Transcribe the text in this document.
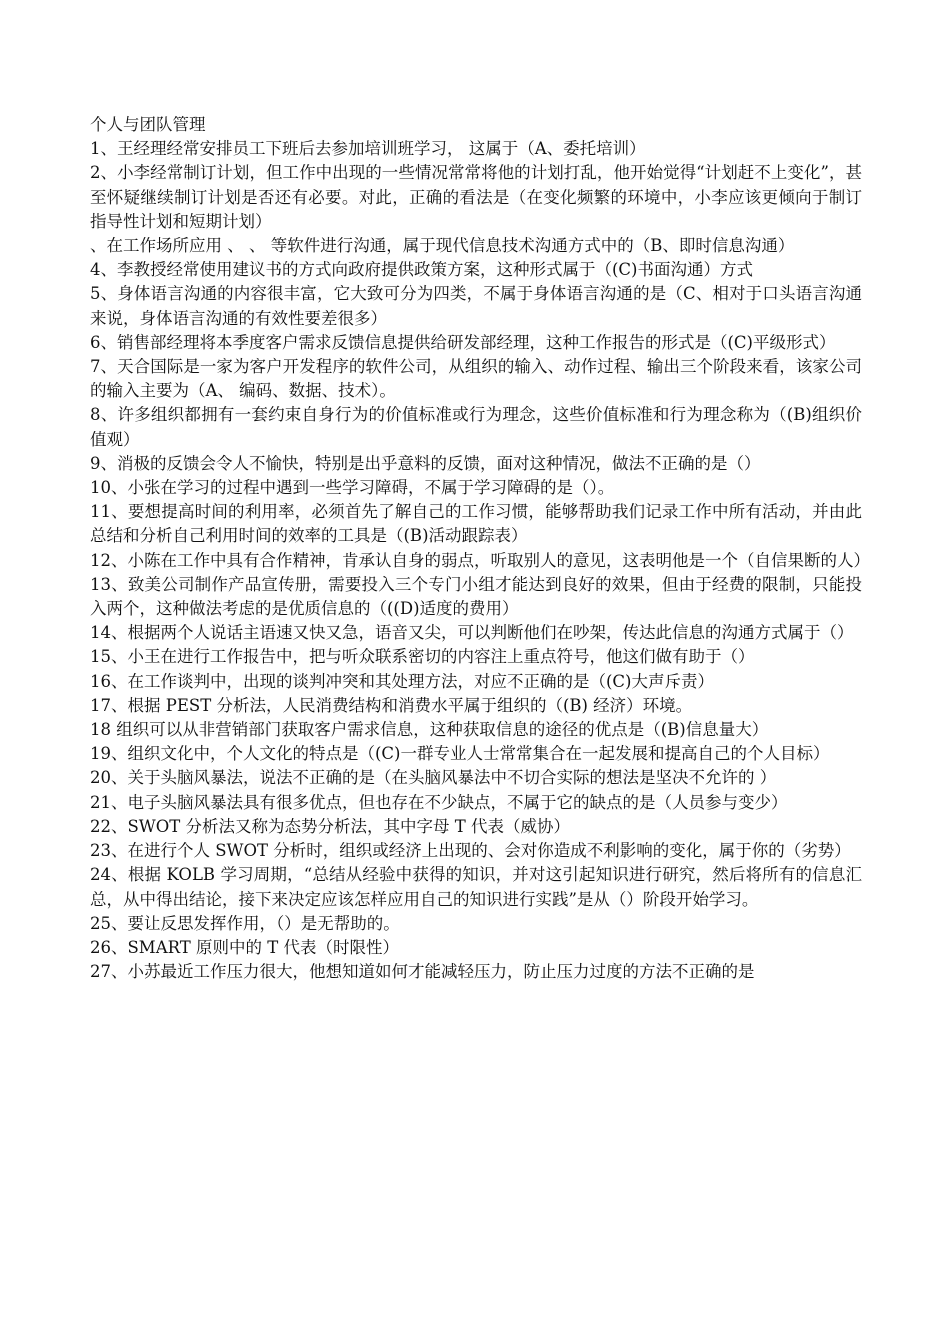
个人与团队管理

1、王经理经常安排员工下班后去参加培训班学习， 这属于（A、委托培训）

2、小李经常制订计划，但工作中出现的一些情况常常将他的计划打乱，他开始觉得“计划赶不上变化”，甚至怀疑继续制订计划是否还有必要。对此，正确的看法是（在变化频繁的环境中，小李应该更倾向于制订指导性计划和短期计划）

、在工作场所应用 、 、 等软件进行沟通，属于现代信息技术沟通方式中的（B、即时信息沟通）

4、李教授经常使用建议书的方式向政府提供政策方案，这种形式属于（(C)书面沟通）方式

5、身体语言沟通的内容很丰富，它大致可分为四类，不属于身体语言沟通的是（C、相对于口头语言沟通来说，身体语言沟通的有效性要差很多）

6、销售部经理将本季度客户需求反馈信息提供给研发部经理，这种工作报告的形式是（(C)平级形式）

7、天合国际是一家为客户开发程序的软件公司，从组织的输入、动作过程、输出三个阶段来看，该家公司的输入主要为（A、 编码、数据、技术）。

8、许多组织都拥有一套约束自身行为的价值标准或行为理念，这些价值标准和行为理念称为（(B)组织价值观）

9、消极的反馈会令人不愉快，特别是出乎意料的反馈，面对这种情况，做法不正确的是（）

10、小张在学习的过程中遇到一些学习障碍，不属于学习障碍的是（）。

11、要想提高时间的利用率，必须首先了解自己的工作习惯，能够帮助我们记录工作中所有活动，并由此总结和分析自己利用时间的效率的工具是（(B)活动跟踪表）

12、小陈在工作中具有合作精神，肯承认自身的弱点，听取别人的意见，这表明他是一个（自信果断的人）

13、致美公司制作产品宣传册，需要投入三个专门小组才能达到良好的效果，但由于经费的限制，只能投入两个，这种做法考虑的是优质信息的（((D)适度的费用）

14、根据两个人说话主语速又快又急，语音又尖，可以判断他们在吵架，传达此信息的沟通方式属于（）

15、小王在进行工作报告中，把与听众联系密切的内容注上重点符号，他这们做有助于（）

16、在工作谈判中，出现的谈判冲突和其处理方法，对应不正确的是（(C)大声斥责）

17、根据 PEST 分析法，人民消费结构和消费水平属于组织的（(B) 经济）环境。

18 组织可以从非营销部门获取客户需求信息，这种获取信息的途径的优点是（(B)信息量大）

19、组织文化中，个人文化的特点是（(C)一群专业人士常常集合在一起发展和提高自己的个人目标）

20、关于头脑风暴法，说法不正确的是（在头脑风暴法中不切合实际的想法是坚决不允许的 ）

21、电子头脑风暴法具有很多优点，但也存在不少缺点，不属于它的缺点的是（人员参与变少）

22、SWOT 分析法又称为态势分析法，其中字母 T 代表（威协）

23、在进行个人 SWOT 分析时，组织或经济上出现的、会对你造成不利影响的变化，属于你的（劣势）

24、根据 KOLB 学习周期，“总结从经验中获得的知识，并对这引起知识进行研究，然后将所有的信息汇总，从中得出结论，接下来决定应该怎样应用自己的知识进行实践”是从（）阶段开始学习。

25、要让反思发挥作用，（）是无帮助的。

26、SMART 原则中的 T 代表（时限性）

27、小苏最近工作压力很大，他想知道如何才能减轻压力，防止压力过度的方法不正确的是
